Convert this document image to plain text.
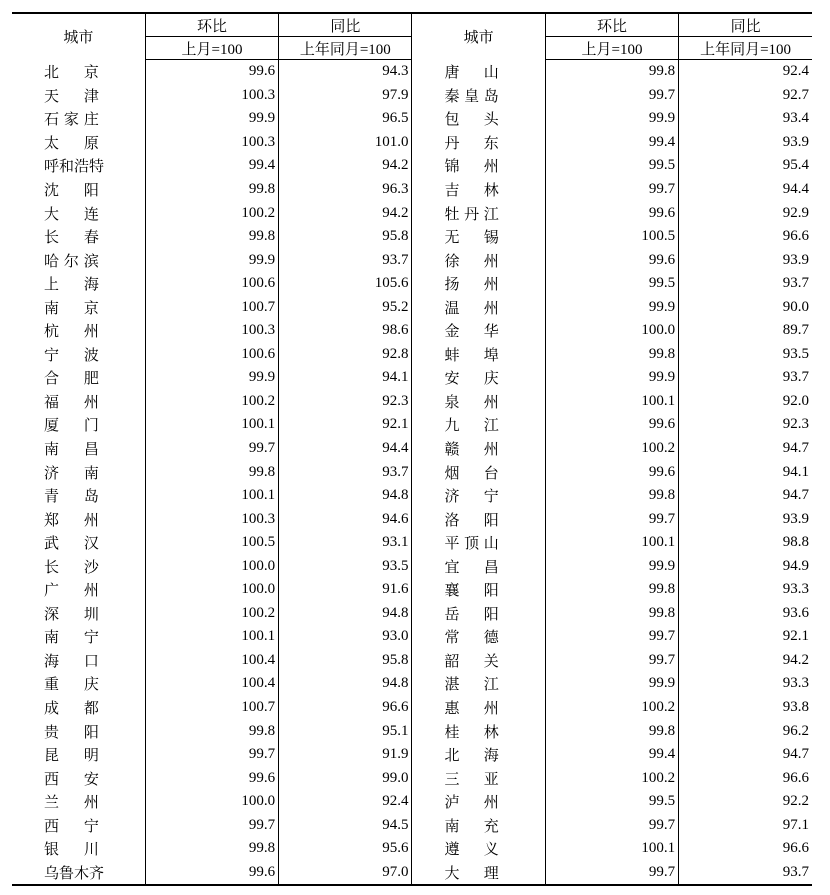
城市	环比	同比	城市	环比	同比
	上月=100	上年同月=100		上月=100	上年同月=100

北 京	99.6	94.3	唐 山	99.8	92.4

天 津	100.3	97.9	秦 皇 岛	99.7	92.7

石 家 庄	99.9	96.5	包 头	99.9	93.4

太 原	100.3	101.0	丹 东	99.4	93.9

呼 和 浩 特	99.4	94.2	锦 州	99.5	95.4

沈 阳	99.8	96.3	吉 林	99.7	94.4

大 连	100.2	94.2	牡 丹 江	99.6	92.9

长 春	99.8	95.8	无 锡	100.5	96.6

哈 尔 滨	99.9	93.7	徐 州	99.6	93.9

上 海	100.6	105.6	扬 州	99.5	93.7

南 京	100.7	95.2	温 州	99.9	90.0

杭 州	100.3	98.6	金 华	100.0	89.7

宁 波	100.6	92.8	蚌 埠	99.8	93.5

合 肥	99.9	94.1	安 庆	99.9	93.7

福 州	100.2	92.3	泉 州	100.1	92.0

厦 门	100.1	92.1	九 江	99.6	92.3

南 昌	99.7	94.4	赣 州	100.2	94.7

济 南	99.8	93.7	烟 台	99.6	94.1

青 岛	100.1	94.8	济 宁	99.8	94.7

郑 州	100.3	94.6	洛 阳	99.7	93.9

武 汉	100.5	93.1	平 顶 山	100.1	98.8

长 沙	100.0	93.5	宜 昌	99.9	94.9

广 州	100.0	91.6	襄 阳	99.8	93.3

深 圳	100.2	94.8	岳 阳	99.8	93.6

南 宁	100.1	93.0	常 德	99.7	92.1

海 口	100.4	95.8	韶 关	99.7	94.2

重 庆	100.4	94.8	湛 江	99.9	93.3

成 都	100.7	96.6	惠 州	100.2	93.8

贵 阳	99.8	95.1	桂 林	99.8	96.2

昆 明	99.7	91.9	北 海	99.4	94.7

西 安	99.6	99.0	三 亚	100.2	96.6

兰 州	100.0	92.4	泸 州	99.5	92.2

西 宁	99.7	94.5	南 充	99.7	97.1

银 川	99.8	95.6	遵 义	100.1	96.6

乌 鲁 木 齐	99.6	97.0	大 理	99.7	93.7
